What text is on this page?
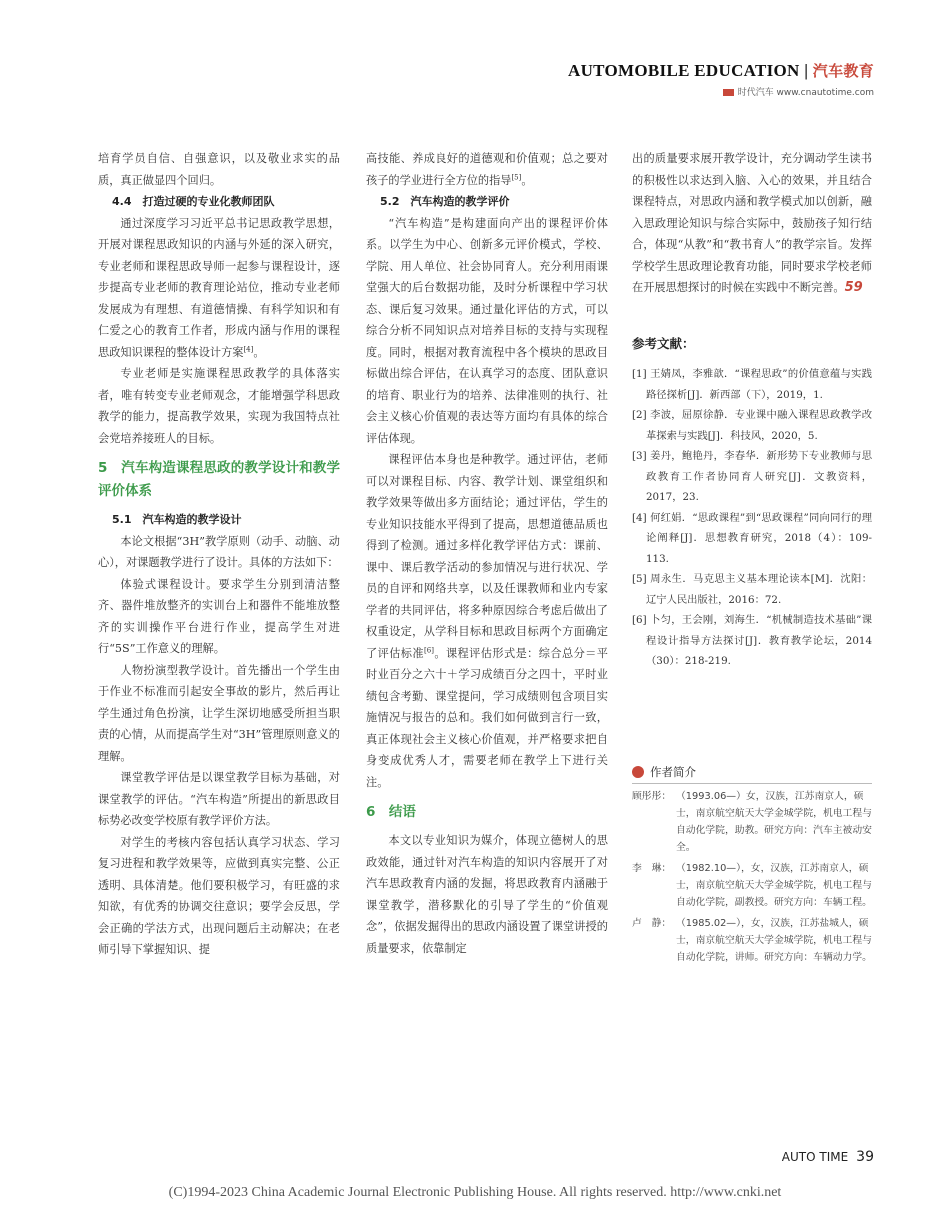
AUTOMOBILE EDUCATION | 汽车教育
时代汽车 www.cnautotime.com

培育学员自信、自强意识，以及敬业求实的品质，真正做显四个回归。

4.4　打造过硬的专业化教师团队

通过深度学习习近平总书记思政教学思想，开展对课程思政知识的内涵与外延的深入研究，专业老师和课程思政导师一起参与课程设计，逐步提高专业老师的教育理论站位，推动专业老师发展成为有理想、有道德情操、有科学知识和有仁爱之心的教育工作者，形成内涵与作用的课程思政知识课程的整体设计方案[4]。

专业老师是实施课程思政教学的具体落实者，唯有转变专业老师观念，才能增强学科思政教学的能力，提高教学效果，实现为我国特点社会党培养接班人的目标。

5　汽车构造课程思政的教学设计和教学评价体系

5.1　汽车构造的教学设计

本论文根据“3H”教学原则（动手、动脑、动心），对课题教学进行了设计。具体的方法如下：

体验式课程设计。要求学生分别到清洁整齐、器件堆放整齐的实训台上和器件不能堆放整齐的实训操作平台进行作业，提高学生对进行“5S”工作意义的理解。

人物扮演型教学设计。首先播出一个学生由于作业不标准而引起安全事故的影片，然后再让学生通过角色扮演，让学生深切地感受所担当职责的心情，从而提高学生对“3H”管理原则意义的理解。

课堂教学评估是以课堂教学目标为基础，对课堂教学的评估。“汽车构造”所提出的新思政目标势必改变学校原有教学评价方法。

对学生的考核内容包括认真学习状态、学习复习进程和教学效果等，应做到真实完整、公正透明、具体清楚。他们要积极学习，有旺盛的求知欲，有优秀的协调交往意识；要学会反思，学会正确的学法方式，出现问题后主动解决；在老师引导下掌握知识、提

高技能、养成良好的道德观和价值观；总之要对孩子的学业进行全方位的指导[5]。

5.2　汽车构造的教学评价

“汽车构造”是构建面向产出的课程评价体系。以学生为中心、创新多元评价模式，学校、学院、用人单位、社会协同育人。充分利用雨课堂强大的后台数据功能，及时分析课程中学习状态、课后复习效果。通过量化评估的方式，可以综合分析不同知识点对培养目标的支持与实现程度。同时，根据对教育流程中各个模块的思政目标做出综合评估，在认真学习的态度、团队意识的培育、职业行为的培养、法律准则的执行、社会主义核心价值观的表达等方面均有具体的综合评估体现。

课程评估本身也是种教学。通过评估，老师可以对课程目标、内容、教学计划、课堂组织和教学效果等做出多方面结论；通过评估，学生的专业知识技能水平得到了提高，思想道德品质也得到了检测。通过多样化教学评估方式：课前、课中、课后教学活动的参加情况与进行状况、学员的自评和网络共享，以及任课教师和业内专家学者的共同评估，将多种原因综合考虑后做出了权重设定，从学科目标和思政目标两个方面确定了评估标准[6]。课程评估形式是：综合总分＝平时业百分之六十＋学习成绩百分之四十，平时业绩包含考勤、课堂提问，学习成绩则包含项目实施情况与报告的总和。我们如何做到言行一致，真正体现社会主义核心价值观，并严格要求把自身变成优秀人才，需要老师在教学上下进行关注。

6　结语

本文以专业知识为媒介，体现立德树人的思政效能，通过针对汽车构造的知识内容展开了对汽车思政教育内涵的发掘，将思政教育内涵融于课堂教学，潜移默化的引导了学生的“价值观念”，依据发掘得出的思政内涵设置了课堂讲授的质量要求，依靠制定

出的质量要求展开教学设计，充分调动学生读书的积极性以求达到入脑、入心的效果，并且结合课程特点，对思政内涵和教学模式加以创新，融入思政理论知识与综合实际中，鼓励孩子知行结合，体现“从教”和“教书育人”的教学宗旨。发挥学校学生思政理论教育功能，同时要求学校老师在开展思想探讨的时候在实践中不断完善。59

参考文献：

[1] 王婧凤，李雅歆．“课程思政”的价值意蕴与实践路径探析[J]．新西部（下），2019，1.

[2] 李波，屈原徐静．专业课中融入课程思政教学改革探索与实践[J]．科技风，2020，5.

[3] 姜丹，鲍艳丹，李春华．新形势下专业教师与思政教育工作者协同育人研究[J]．文教资料，2017，23.

[4] 何红娟．“思政课程”到“思政课程”同向同行的理论阐释[J]．思想教育研究，2018（4）：109-113.

[5] 周永生．马克思主义基本理论读本[M]．沈阳：辽宁人民出版社，2016：72.

[6] 卜匀，王会刚，刘海生．“机械制造技术基础”课程设计指导方法探讨[J]．教育教学论坛，2014（30）：218-219.

作者简介
顾彤彤： （1993.06—）女，汉族，江苏南京人，硕士，南京航空航天大学金城学院，机电工程与自动化学院，助教。研究方向：汽车主被动安全。
李　琳： （1982.10—），女，汉族，江苏南京人，硕士，南京航空航天大学金城学院，机电工程与自动化学院，副教授。研究方向：车辆工程。
卢　静： （1985.02—），女，汉族，江苏盐城人，硕士，南京航空航天大学金城学院，机电工程与自动化学院，讲师。研究方向：车辆动力学。
AUTO TIME 39
(C)1994-2023 China Academic Journal Electronic Publishing House. All rights reserved. http://www.cnki.net
